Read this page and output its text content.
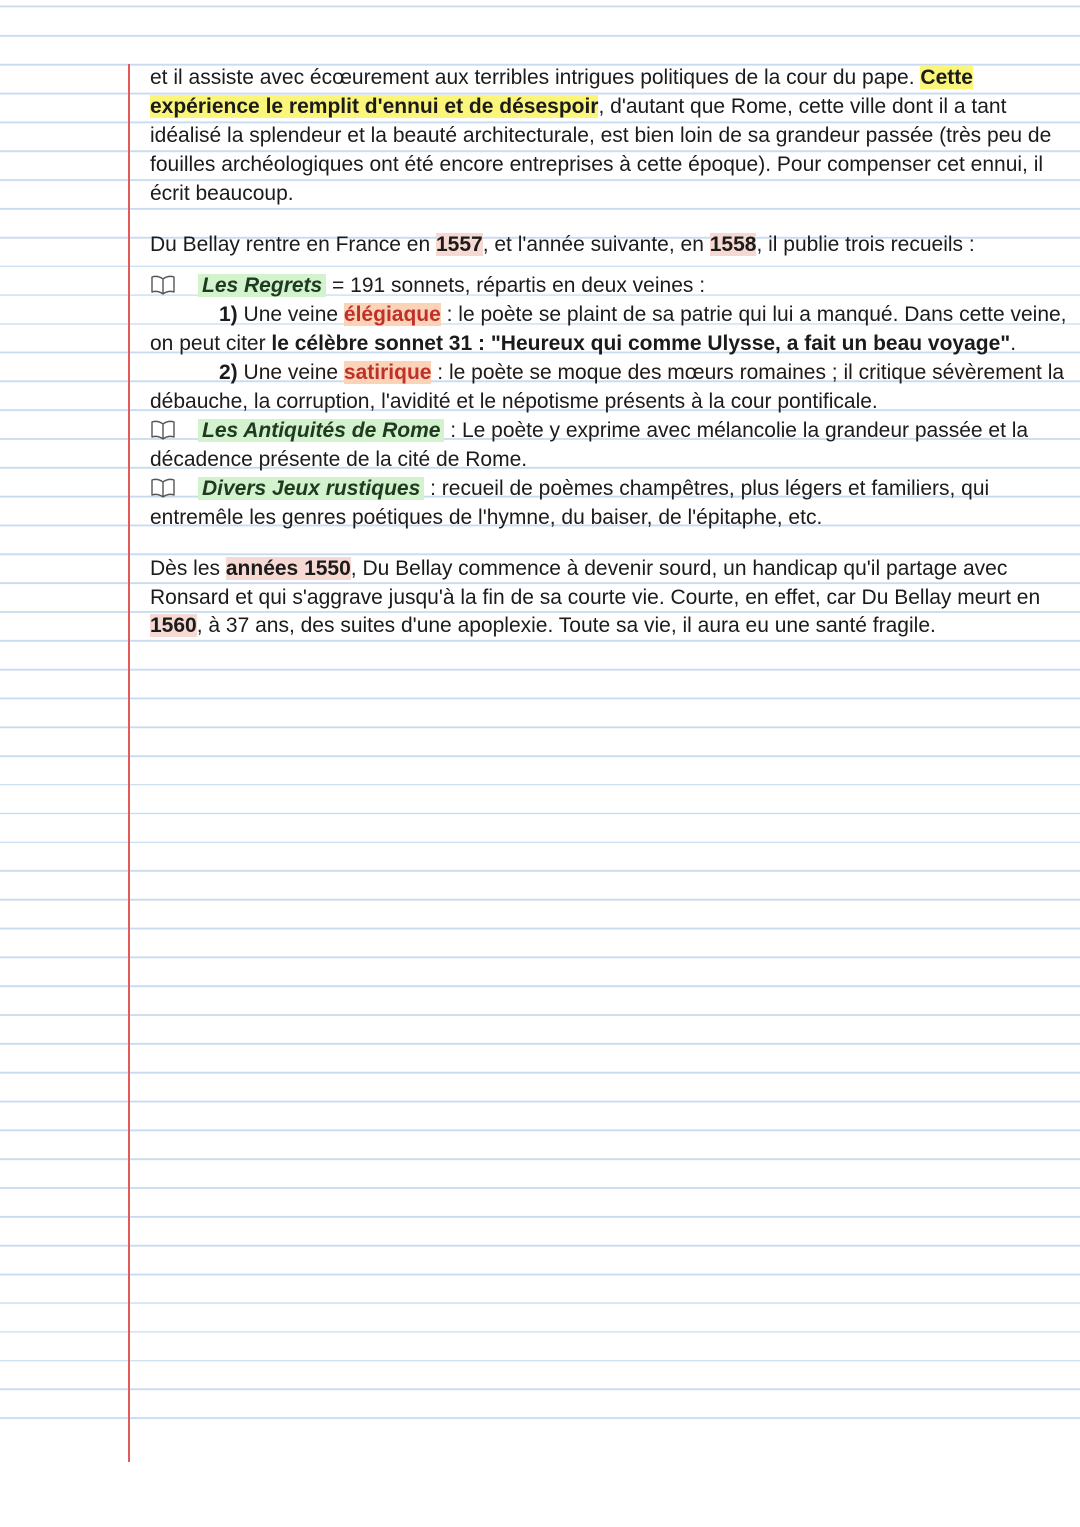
et il assiste avec écœurement aux terribles intrigues politiques de la cour du pape. Cette expérience le remplit d'ennui et de désespoir, d'autant que Rome, cette ville dont il a tant idéalisé la splendeur et la beauté architecturale, est bien loin de sa grandeur passée (très peu de fouilles archéologiques ont été encore entreprises à cette époque). Pour compenser cet ennui, il écrit beaucoup.

Du Bellay rentre en France en 1557, et l'année suivante, en 1558, il publie trois recueils :

Les Regrets = 191 sonnets, répartis en deux veines :

1) Une veine élégiaque : le poète se plaint de sa patrie qui lui a manqué. Dans cette veine, on peut citer le célèbre sonnet 31 : "Heureux qui comme Ulysse, a fait un beau voyage".

2) Une veine satirique : le poète se moque des mœurs romaines ; il critique sévèrement la débauche, la corruption, l'avidité et le népotisme présents à la cour pontificale.

Les Antiquités de Rome : Le poète y exprime avec mélancolie la grandeur passée et la décadence présente de la cité de Rome.

Divers Jeux rustiques : recueil de poèmes champêtres, plus légers et familiers, qui entremêle les genres poétiques de l'hymne, du baiser, de l'épitaphe, etc.

Dès les années 1550, Du Bellay commence à devenir sourd, un handicap qu'il partage avec Ronsard et qui s'aggrave jusqu'à la fin de sa courte vie. Courte, en effet, car Du Bellay meurt en 1560, à 37 ans, des suites d'une apoplexie. Toute sa vie, il aura eu une santé fragile.
